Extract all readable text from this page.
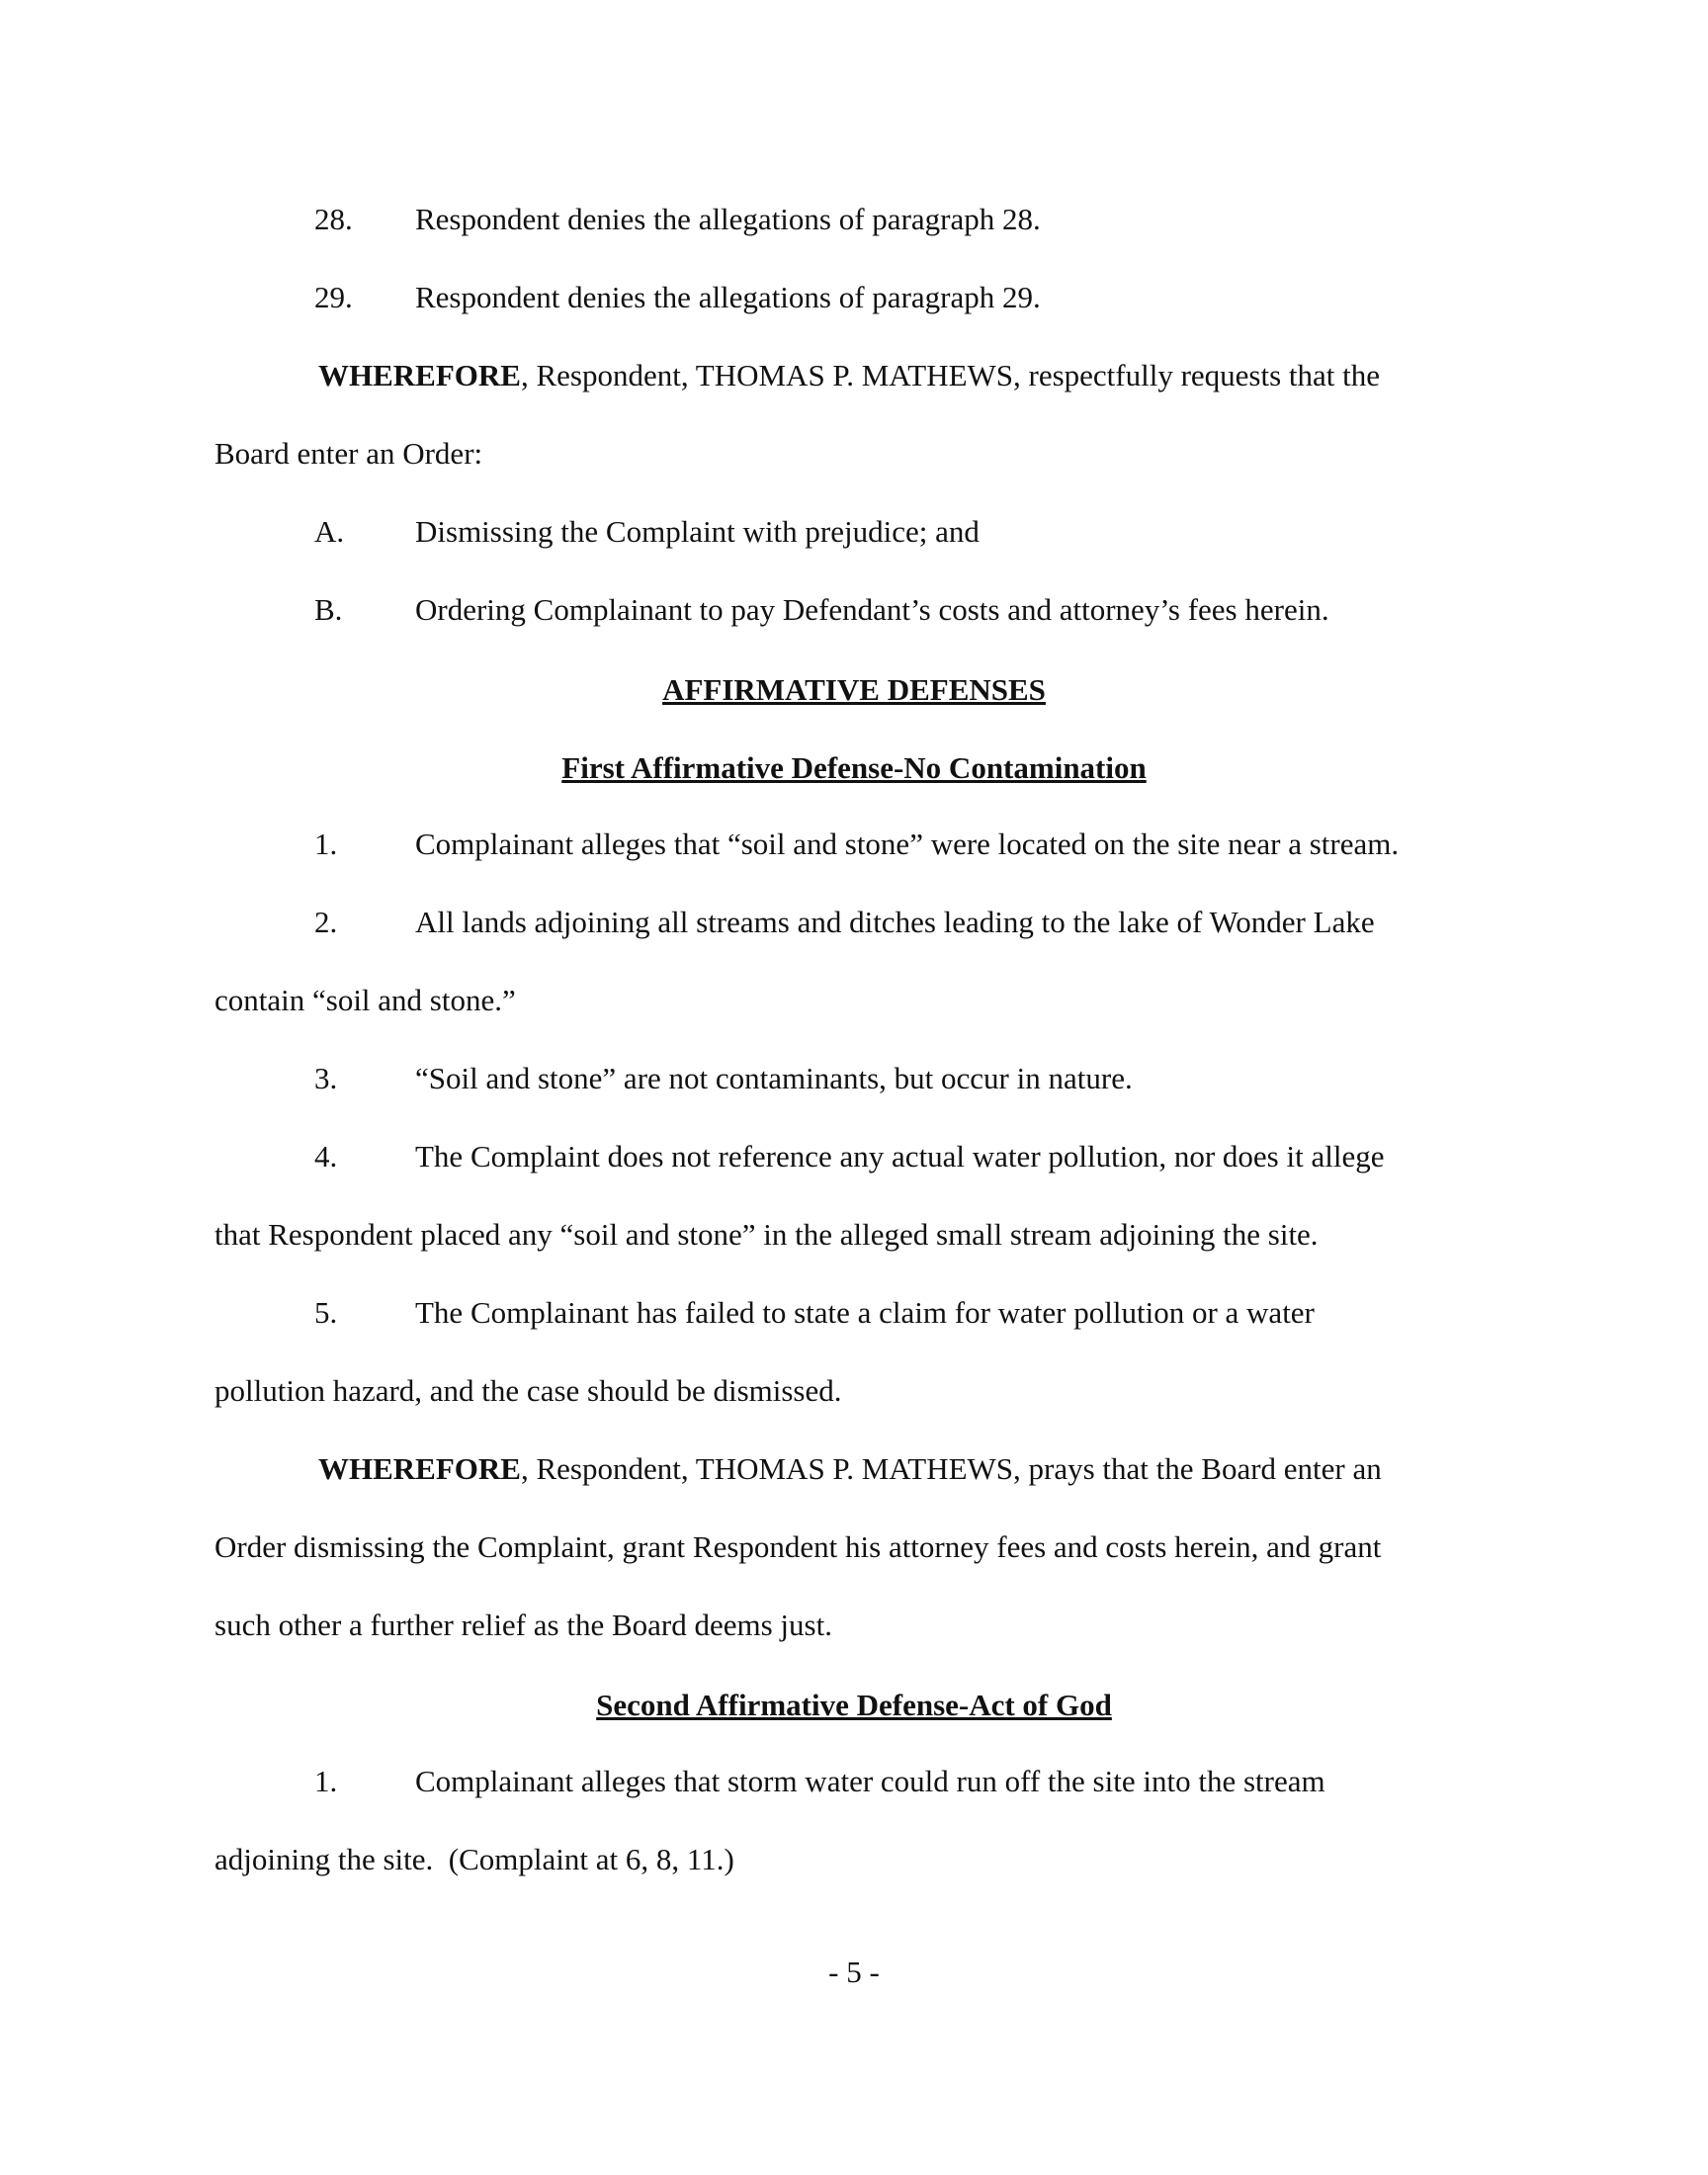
28. Respondent denies the allegations of paragraph 28.
29. Respondent denies the allegations of paragraph 29.
WHEREFORE, Respondent, THOMAS P. MATHEWS, respectfully requests that the
Board enter an Order:
A. Dismissing the Complaint with prejudice; and
B. Ordering Complainant to pay Defendant’s costs and attorney’s fees herein.
AFFIRMATIVE DEFENSES
First Affirmative Defense-No Contamination
1.	Complainant alleges that “soil and stone” were located on the site near a stream.
2.	All lands adjoining all streams and ditches leading to the lake of Wonder Lake
contain “soil and stone.”
3.	“Soil and stone” are not contaminants, but occur in nature.
4.	The Complaint does not reference any actual water pollution, nor does it allege
that Respondent placed any “soil and stone” in the alleged small stream adjoining the site.
5.	The Complainant has failed to state a claim for water pollution or a water
pollution hazard, and the case should be dismissed.
WHEREFORE, Respondent, THOMAS P. MATHEWS, prays that the Board enter an
Order dismissing the Complaint, grant Respondent his attorney fees and costs herein, and grant
such other a further relief as the Board deems just.
Second Affirmative Defense-Act of God
1.	Complainant alleges that storm water could run off the site into the stream
adjoining the site.  (Complaint at 6, 8, 11.)
- 5 -
